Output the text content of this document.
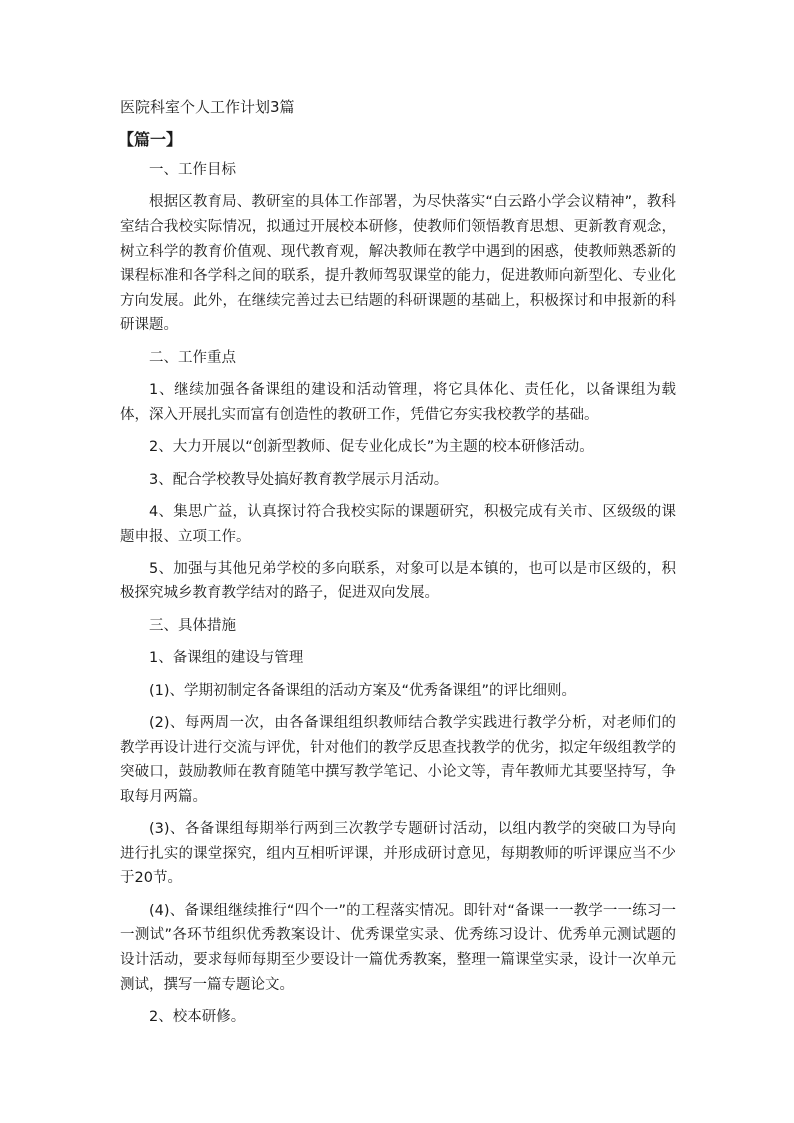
医院科室个人工作计划3篇
【篇一】

一、工作目标

根据区教育局、教研室的具体工作部署，为尽快落实“白云路小学会议精神”，教科室结合我校实际情况，拟通过开展校本研修，使教师们领悟教育思想、更新教育观念，树立科学的教育价值观、现代教育观，解决教师在教学中遇到的困惑，使教师熟悉新的课程标准和各学科之间的联系，提升教师驾驭课堂的能力，促进教师向新型化、专业化方向发展。此外，在继续完善过去已结题的科研课题的基础上，积极探讨和申报新的科研课题。

二、工作重点

1、继续加强各备课组的建设和活动管理，将它具体化、责任化，以备课组为载体，深入开展扎实而富有创造性的教研工作，凭借它夯实我校教学的基础。

2、大力开展以“创新型教师、促专业化成长”为主题的校本研修活动。

3、配合学校教导处搞好教育教学展示月活动。

4、集思广益，认真探讨符合我校实际的课题研究，积极完成有关市、区级级的课题申报、立项工作。

5、加强与其他兄弟学校的多向联系，对象可以是本镇的，也可以是市区级的，积极探究城乡教育教学结对的路子，促进双向发展。

三、具体措施

1、备课组的建设与管理

(1)、学期初制定各备课组的活动方案及“优秀备课组”的评比细则。

(2)、每两周一次，由各备课组组织教师结合教学实践进行教学分析，对老师们的教学再设计进行交流与评优，针对他们的教学反思查找教学的优劣，拟定年级组教学的突破口，鼓励教师在教育随笔中撰写教学笔记、小论文等，青年教师尤其要坚持写，争取每月两篇。

(3)、各备课组每期举行两到三次教学专题研讨活动，以组内教学的突破口为导向进行扎实的课堂探究，组内互相听评课，并形成研讨意见，每期教师的听评课应当不少于20节。

(4)、备课组继续推行“四个一”的工程落实情况。即针对“备课一一教学一一练习一一测试”各环节组织优秀教案设计、优秀课堂实录、优秀练习设计、优秀单元测试题的设计活动，要求每师每期至少要设计一篇优秀教案，整理一篇课堂实录，设计一次单元测试，撰写一篇专题论文。

2、校本研修。
